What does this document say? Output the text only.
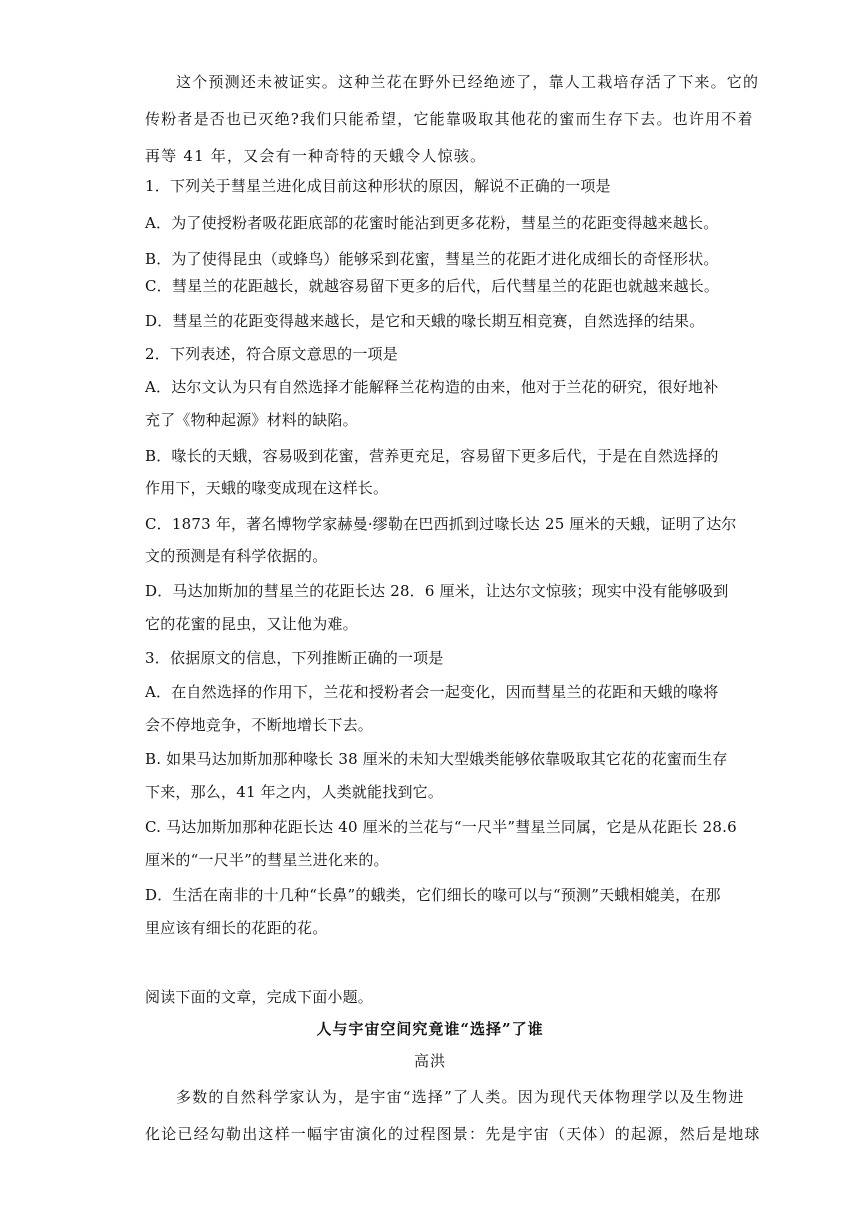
这个预测还未被证实。这种兰花在野外已经绝迹了，靠人工栽培存活了下来。它的
传粉者是否也已灭绝?我们只能希望，它能靠吸取其他花的蜜而生存下去。也许用不着
再等 41 年，又会有一种奇特的天蛾令人惊骇。
1．下列关于彗星兰进化成目前这种形状的原因，解说不正确的一项是
A．为了使授粉者吸花距底部的花蜜时能沾到更多花粉，彗星兰的花距变得越来越长。
B．为了使得昆虫（或蜂鸟）能够采到花蜜，彗星兰的花距才进化成细长的奇怪形状。
C．彗星兰的花距越长，就越容易留下更多的后代，后代彗星兰的花距也就越来越长。
D．彗星兰的花距变得越来越长，是它和天蛾的喙长期互相竞赛，自然选择的结果。
2．下列表述，符合原文意思的一项是
A．达尔文认为只有自然选择才能解释兰花构造的由来，他对于兰花的研究，很好地补
充了《物种起源》材料的缺陷。
B．喙长的天蛾，容易吸到花蜜，营养更充足，容易留下更多后代，于是在自然选择的
作用下，天蛾的喙变成现在这样长。
C．1873 年，著名博物学家赫曼·缪勒在巴西抓到过喙长达 25 厘米的天蛾，证明了达尔
文的预测是有科学依据的。
D．马达加斯加的彗星兰的花距长达 28．6 厘米，让达尔文惊骇；现实中没有能够吸到
它的花蜜的昆虫，又让他为难。
3．依据原文的信息，下列推断正确的一项是
A．在自然选择的作用下，兰花和授粉者会一起变化，因而彗星兰的花距和天蛾的喙将
会不停地竞争，不断地增长下去。
B. 如果马达加斯加那种喙长 38 厘米的未知大型娥类能够依靠吸取其它花的花蜜而生存
下来，那么，41 年之内，人类就能找到它。
C. 马达加斯加那种花距长达 40 厘米的兰花与“一尺半”彗星兰同属，它是从花距长 28.6
厘米的“一尺半”的彗星兰进化来的。
D．生活在南非的十几种“长鼻”的蛾类，它们细长的喙可以与“预测”天蛾相媲美，在那
里应该有细长的花距的花。
阅读下面的文章，完成下面小题。
人与宇宙空间究竟谁“选择”了谁
高洪
多数的自然科学家认为，是宇宙“选择”了人类。因为现代天体物理学以及生物进
化论已经勾勒出这样一幅宇宙演化的过程图景：先是宇宙（天体）的起源，然后是地球
